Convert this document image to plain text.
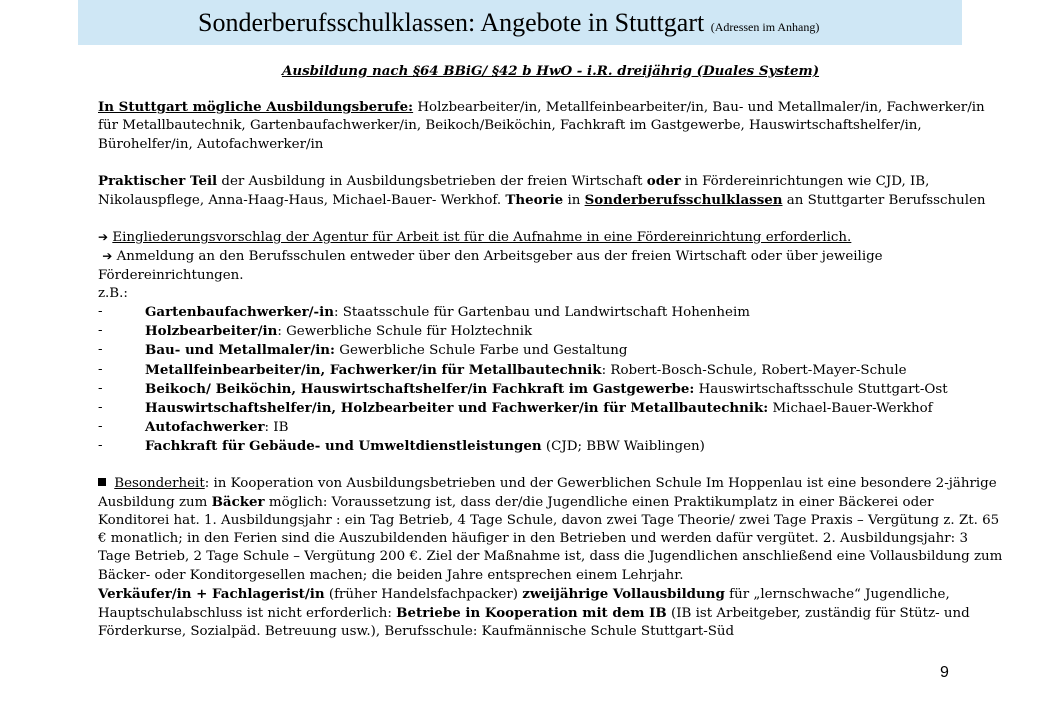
Sonderberufsschulklassen: Angebote in Stuttgart (Adressen im Anhang)

Ausbildung nach §64 BBiG/ §42 b HwO - i.R. dreijährig (Duales System)

In Stuttgart mögliche Ausbildungsberufe: Holzbearbeiter/in, Metallfeinbearbeiter/in, Bau- und Metallmaler/in, Fachwerker/in für Metallbautechnik, Gartenbaufachwerker/in, Beikoch/Beiköchin, Fachkraft im Gastgewerbe, Hauswirtschaftshelfer/in, Bürohelfer/in, Autofachwerker/in

Praktischer Teil der Ausbildung in Ausbildungsbetrieben der freien Wirtschaft oder in Fördereinrichtungen wie CJD, IB, Nikolauspflege, Anna-Haag-Haus, Michael-Bauer- Werkhof. Theorie in Sonderberufsschulklassen an Stuttgarter Berufsschulen

➔ Eingliederungsvorschlag der Agentur für Arbeit ist für die Aufnahme in eine Fördereinrichtung erforderlich.

➔ Anmeldung an den Berufsschulen entweder über den Arbeitsgeber aus der freien Wirtschaft oder über jeweilige Fördereinrichtungen.

z.B.:

-	Gartenbaufachwerker/-in: Staatsschule für Gartenbau und Landwirtschaft Hohenheim
-	Holzbearbeiter/in: Gewerbliche Schule für Holztechnik
-	Bau- und Metallmaler/in: Gewerbliche Schule Farbe und Gestaltung
-	Metallfeinbearbeiter/in, Fachwerker/in für Metallbautechnik: Robert-Bosch-Schule, Robert-Mayer-Schule
-	Beikoch/ Beiköchin, Hauswirtschaftshelfer/in Fachkraft im Gastgewerbe: Hauswirtschaftsschule Stuttgart-Ost
-	Hauswirtschaftshelfer/in, Holzbearbeiter und Fachwerker/in für Metallbautechnik: Michael-Bauer-Werkhof
-	Autofachwerker: IB
-	Fachkraft für Gebäude- und Umweltdienstleistungen (CJD; BBW Waiblingen)

Besonderheit: in Kooperation von Ausbildungsbetrieben und der Gewerblichen Schule Im Hoppenlau ist eine besondere 2-jährige Ausbildung zum Bäcker möglich: Voraussetzung ist, dass der/die Jugendliche einen Praktikumplatz in einer Bäckerei oder Konditorei hat. 1. Ausbildungsjahr : ein Tag Betrieb, 4 Tage Schule, davon zwei Tage Theorie/ zwei Tage Praxis – Vergütung z. Zt. 65 € monatlich; in den Ferien sind die Auszubildenden häufiger in den Betrieben und werden dafür vergütet. 2. Ausbildungsjahr: 3 Tage Betrieb, 2 Tage Schule – Vergütung 200 €. Ziel der Maßnahme ist, dass die Jugendlichen anschließend eine Vollausbildung zum Bäcker- oder Konditorgesellen machen; die beiden Jahre entsprechen einem Lehrjahr.

Verkäufer/in + Fachlagerist/in (früher Handelsfachpacker) zweijährige Vollausbildung für „lernschwache“ Jugendliche, Hauptschulabschluss ist nicht erforderlich: Betriebe in Kooperation mit dem IB (IB ist Arbeitgeber, zuständig für Stütz- und Förderkurse, Sozialpäd. Betreuung usw.), Berufsschule: Kaufmännische Schule Stuttgart-Süd

9
